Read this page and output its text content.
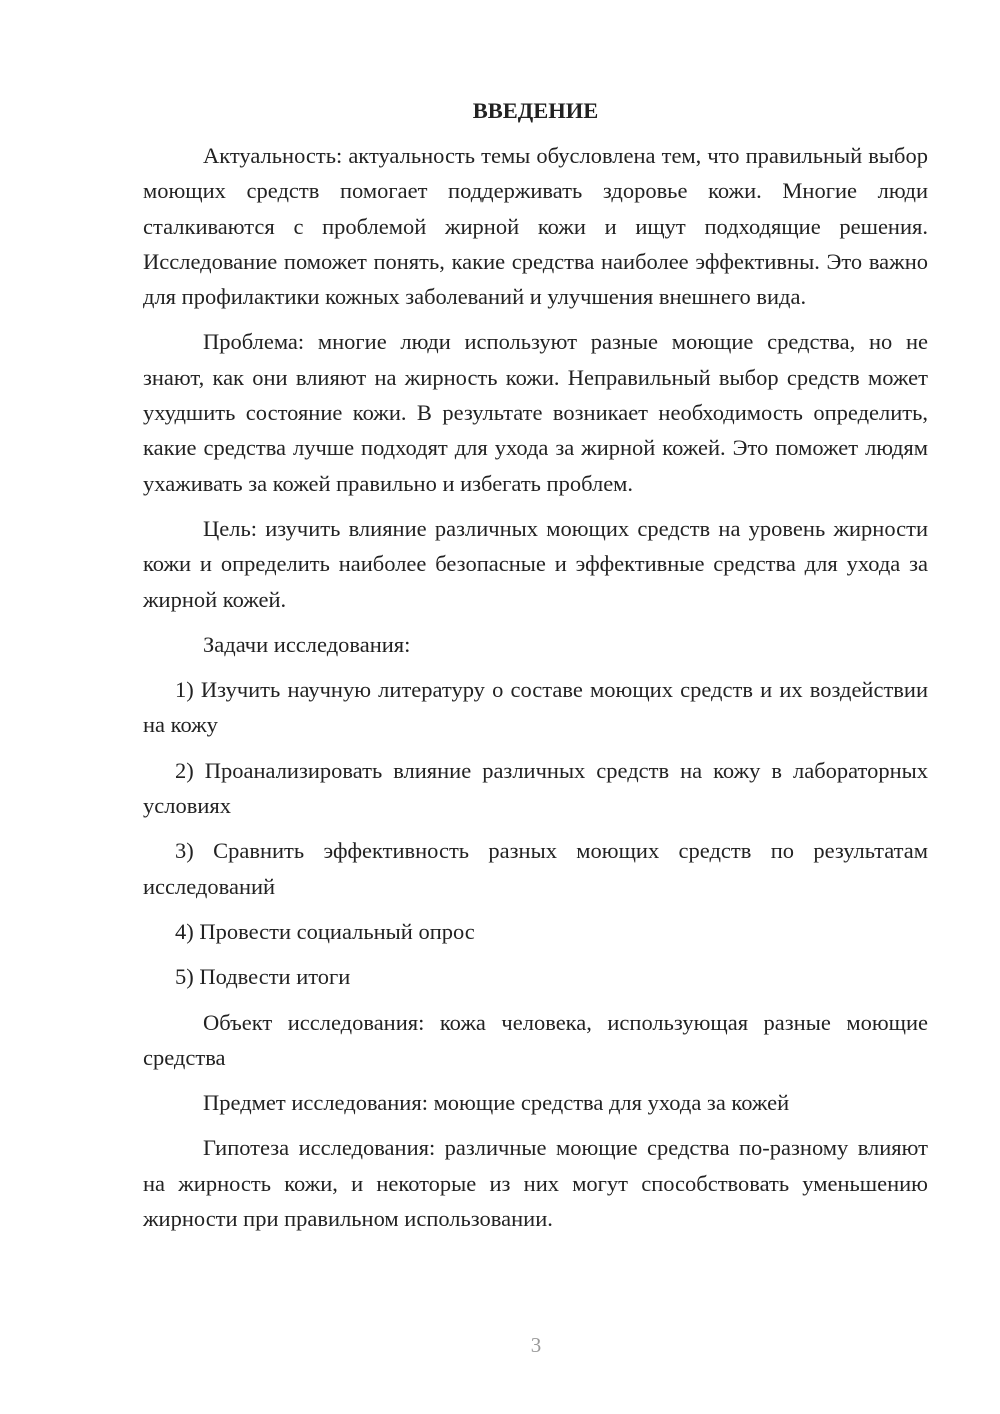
ВВЕДЕНИЕ

Актуальность: актуальность темы обусловлена тем, что правильный выбор моющих средств помогает поддерживать здоровье кожи. Многие люди сталкиваются с проблемой жирной кожи и ищут подходящие решения. Исследование поможет понять, какие средства наиболее эффективны. Это важно для профилактики кожных заболеваний и улучшения внешнего вида.

Проблема: многие люди используют разные моющие средства, но не знают, как они влияют на жирность кожи. Неправильный выбор средств может ухудшить состояние кожи. В результате возникает необходимость определить, какие средства лучше подходят для ухода за жирной кожей. Это поможет людям ухаживать за кожей правильно и избегать проблем.

Цель: изучить влияние различных моющих средств на уровень жирности кожи и определить наиболее безопасные и эффективные средства для ухода за жирной кожей.

Задачи исследования:

1) Изучить научную литературу о составе моющих средств и их воздействии на кожу

2) Проанализировать влияние различных средств на кожу в лабораторных условиях

3) Сравнить эффективность разных моющих средств по результатам исследований

4) Провести социальный опрос

5) Подвести итоги

Объект исследования: кожа человека, использующая разные моющие средства

Предмет исследования: моющие средства для ухода за кожей

Гипотеза исследования: различные моющие средства по-разному влияют на жирность кожи, и некоторые из них могут способствовать уменьшению жирности при правильном использовании.

3
